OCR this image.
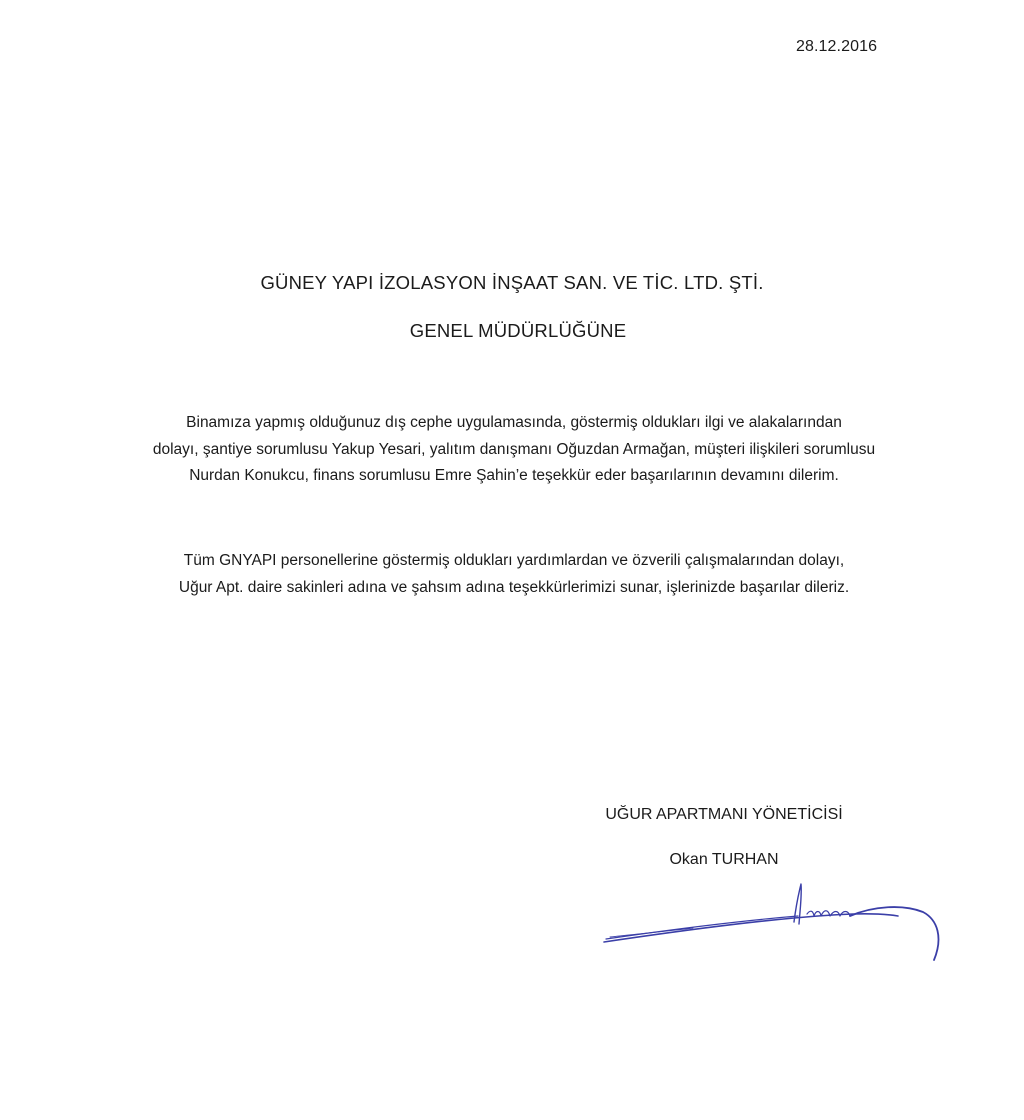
28.12.2016
GÜNEY YAPI İZOLASYON İNŞAAT SAN. VE TİC. LTD. ŞTİ.
GENEL MÜDÜRLÜĞÜNE
Binamıza yapmış olduğunuz dış cephe uygulamasında, göstermiş oldukları ilgi ve alakalarından
dolayı, şantiye sorumlusu Yakup Yesari, yalıtım danışmanı Oğuzdan Armağan, müşteri ilişkileri sorumlusu
Nurdan Konukcu, finans sorumlusu Emre Şahin’e teşekkür eder başarılarının devamını dilerim.
Tüm GNYAPI personellerine göstermiş oldukları yardımlardan ve özverili çalışmalarından dolayı,
Uğur Apt. daire sakinleri adına ve şahsım adına teşekkürlerimizi sunar, işlerinizde başarılar dileriz.
UĞUR APARTMANI YÖNETİCİSİ
Okan TURHAN
